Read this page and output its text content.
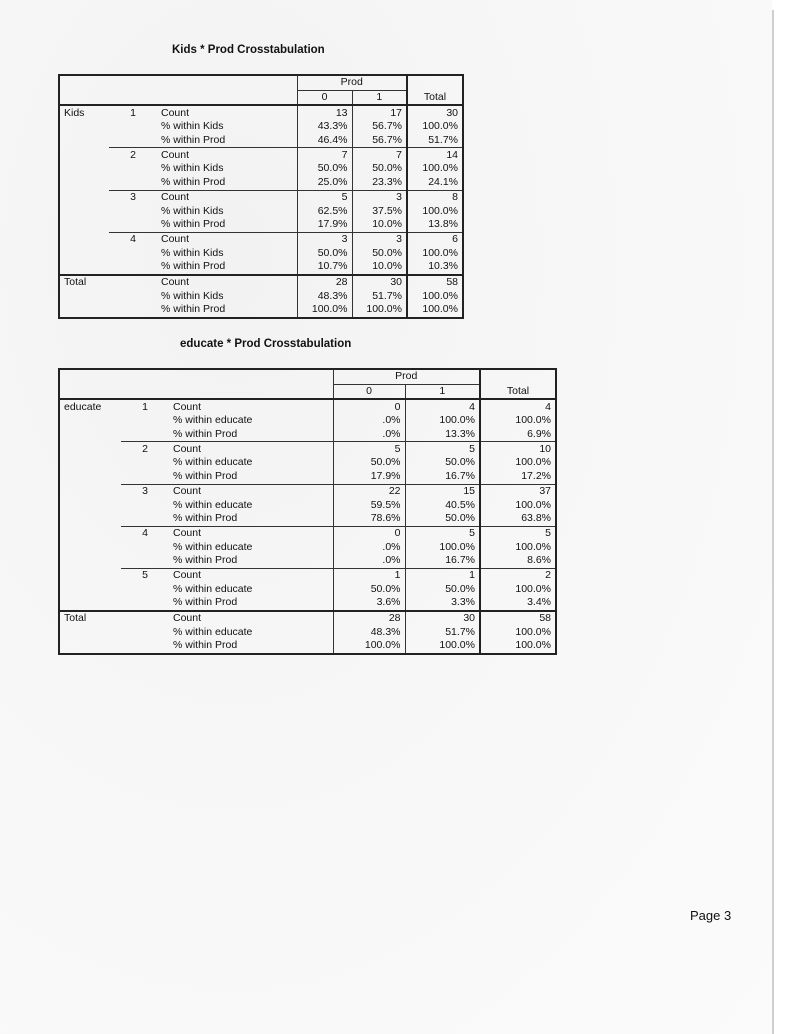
Kids * Prod Crosstabulation
			Prod		
			0	1	Total
Kids	1	Count	13	17	30
		% within Kids	43.3%	56.7%	100.0%
		% within Prod	46.4%	56.7%	51.7%
	2	Count	7	7	14
		% within Kids	50.0%	50.0%	100.0%
		% within Prod	25.0%	23.3%	24.1%
	3	Count	5	3	8
		% within Kids	62.5%	37.5%	100.0%
		% within Prod	17.9%	10.0%	13.8%
	4	Count	3	3	6
		% within Kids	50.0%	50.0%	100.0%
		% within Prod	10.7%	10.0%	10.3%
Total		Count	28	30	58
		% within Kids	48.3%	51.7%	100.0%
		% within Prod	100.0%	100.0%	100.0%
educate * Prod Crosstabulation
			Prod		
			0	1	Total
educate	1	Count	0	4	4
		% within educate	.0%	100.0%	100.0%
		% within Prod	.0%	13.3%	6.9%
	2	Count	5	5	10
		% within educate	50.0%	50.0%	100.0%
		% within Prod	17.9%	16.7%	17.2%
	3	Count	22	15	37
		% within educate	59.5%	40.5%	100.0%
		% within Prod	78.6%	50.0%	63.8%
	4	Count	0	5	5
		% within educate	.0%	100.0%	100.0%
		% within Prod	.0%	16.7%	8.6%
	5	Count	1	1	2
		% within educate	50.0%	50.0%	100.0%
		% within Prod	3.6%	3.3%	3.4%
Total		Count	28	30	58
		% within educate	48.3%	51.7%	100.0%
		% within Prod	100.0%	100.0%	100.0%
Page 3
